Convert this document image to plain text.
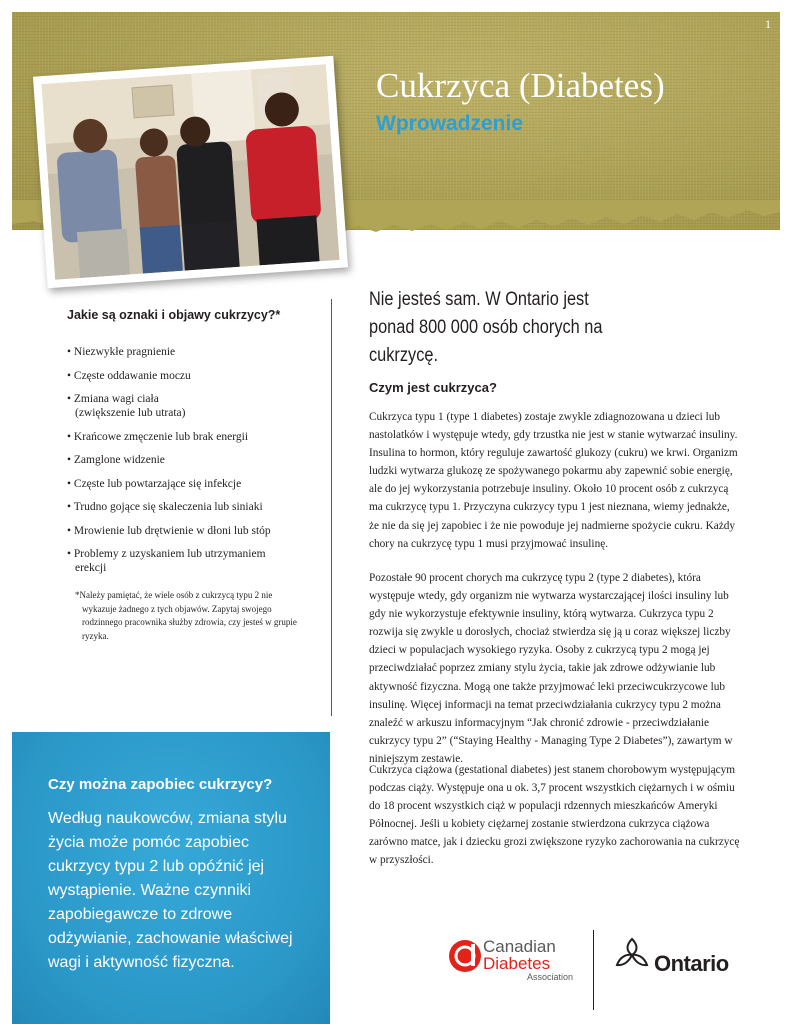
1
Cukrzyca (Diabetes)
Wprowadzenie
Jakie są oznaki i objawy cukrzycy?*
• Niezwykłe pragnienie
• Częste oddawanie moczu
• Zmiana wagi ciała
(zwiększenie lub utrata)
• Krańcowe zmęczenie lub brak energii
• Zamglone widzenie
• Częste lub powtarzające się infekcje
• Trudno gojące się skaleczenia lub siniaki
• Mrowienie lub drętwienie w dłoni lub stóp
• Problemy z uzyskaniem lub utrzymaniem
erekcji
*Należy pamiętać, że wiele osób z cukrzycą typu 2 nie wykazuje żadnego z tych objawów. Zapytaj swojego rodzinnego pracownika służby zdrowia, czy jesteś w grupie ryzyka.
Nie jesteś sam. W Ontario jest ponad 800 000 osób chorych na cukrzycę.
Czym jest cukrzyca?

Cukrzyca typu 1 (type 1 diabetes) zostaje zwykle zdiagnozowana u dzieci lub nastolatków i występuje wtedy, gdy trzustka nie jest w stanie wytwarzać insuliny. Insulina to hormon, który reguluje zawartość glukozy (cukru) we krwi. Organizm ludzki wytwarza glukozę ze spożywanego pokarmu aby zapewnić sobie energię, ale do jej wykorzystania potrzebuje insuliny. Około 10 procent osób z cukrzycą ma cukrzycę typu 1. Przyczyna cukrzycy typu 1 jest nieznana, wiemy jednakże, że nie da się jej zapobiec i że nie powoduje jej nadmierne spożycie cukru. Każdy chory na cukrzycę typu 1 musi przyjmować insulinę.

Pozostałe 90 procent chorych ma cukrzycę typu 2 (type 2 diabetes), która występuje wtedy, gdy organizm nie wytwarza wystarczającej ilości insuliny lub gdy nie wykorzystuje efektywnie insuliny, którą wytwarza. Cukrzyca typu 2 rozwija się zwykle u dorosłych, chociaż stwierdza się ją u coraz większej liczby dzieci w populacjach wysokiego ryzyka. Osoby z cukrzycą typu 2 mogą jej przeciwdziałać poprzez zmiany stylu życia, takie jak zdrowe odżywianie lub aktywność fizyczna. Mogą one także przyjmować leki przeciwcukrzycowe lub insulinę. Więcej informacji na temat przeciwdziałania cukrzycy typu 2 można znaleźć w arkuszu informacyjnym “Jak chronić zdrowie - przeciwdziałanie cukrzycy typu 2” (“Staying Healthy - Managing Type 2 Diabetes”), zawartym w niniejszym zestawie.

Cukrzyca ciążowa (gestational diabetes) jest stanem chorobowym występującym podczas ciąży. Występuje ona u ok. 3,7 procent wszystkich ciężarnych i w ośmiu do 18 procent wszystkich ciąż w populacji rdzennych mieszkańców Ameryki Północnej. Jeśli u kobiety ciężarnej zostanie stwierdzona cukrzyca ciążowa zarówno matce, jak i dziecku grozi zwiększone ryzyko zachorowania na cukrzycę w przyszłości.

Czy można zapobiec cukrzycy?
Według naukowców, zmiana stylu życia może pomóc zapobiec cukrzycy typu 2 lub opóźnić jej wystąpienie. Ważne czynniki zapobiegawcze to zdrowe odżywianie, zachowanie właściwej wagi i aktywność fizyczna.
Canadian
Diabetes
Association
Ontario
